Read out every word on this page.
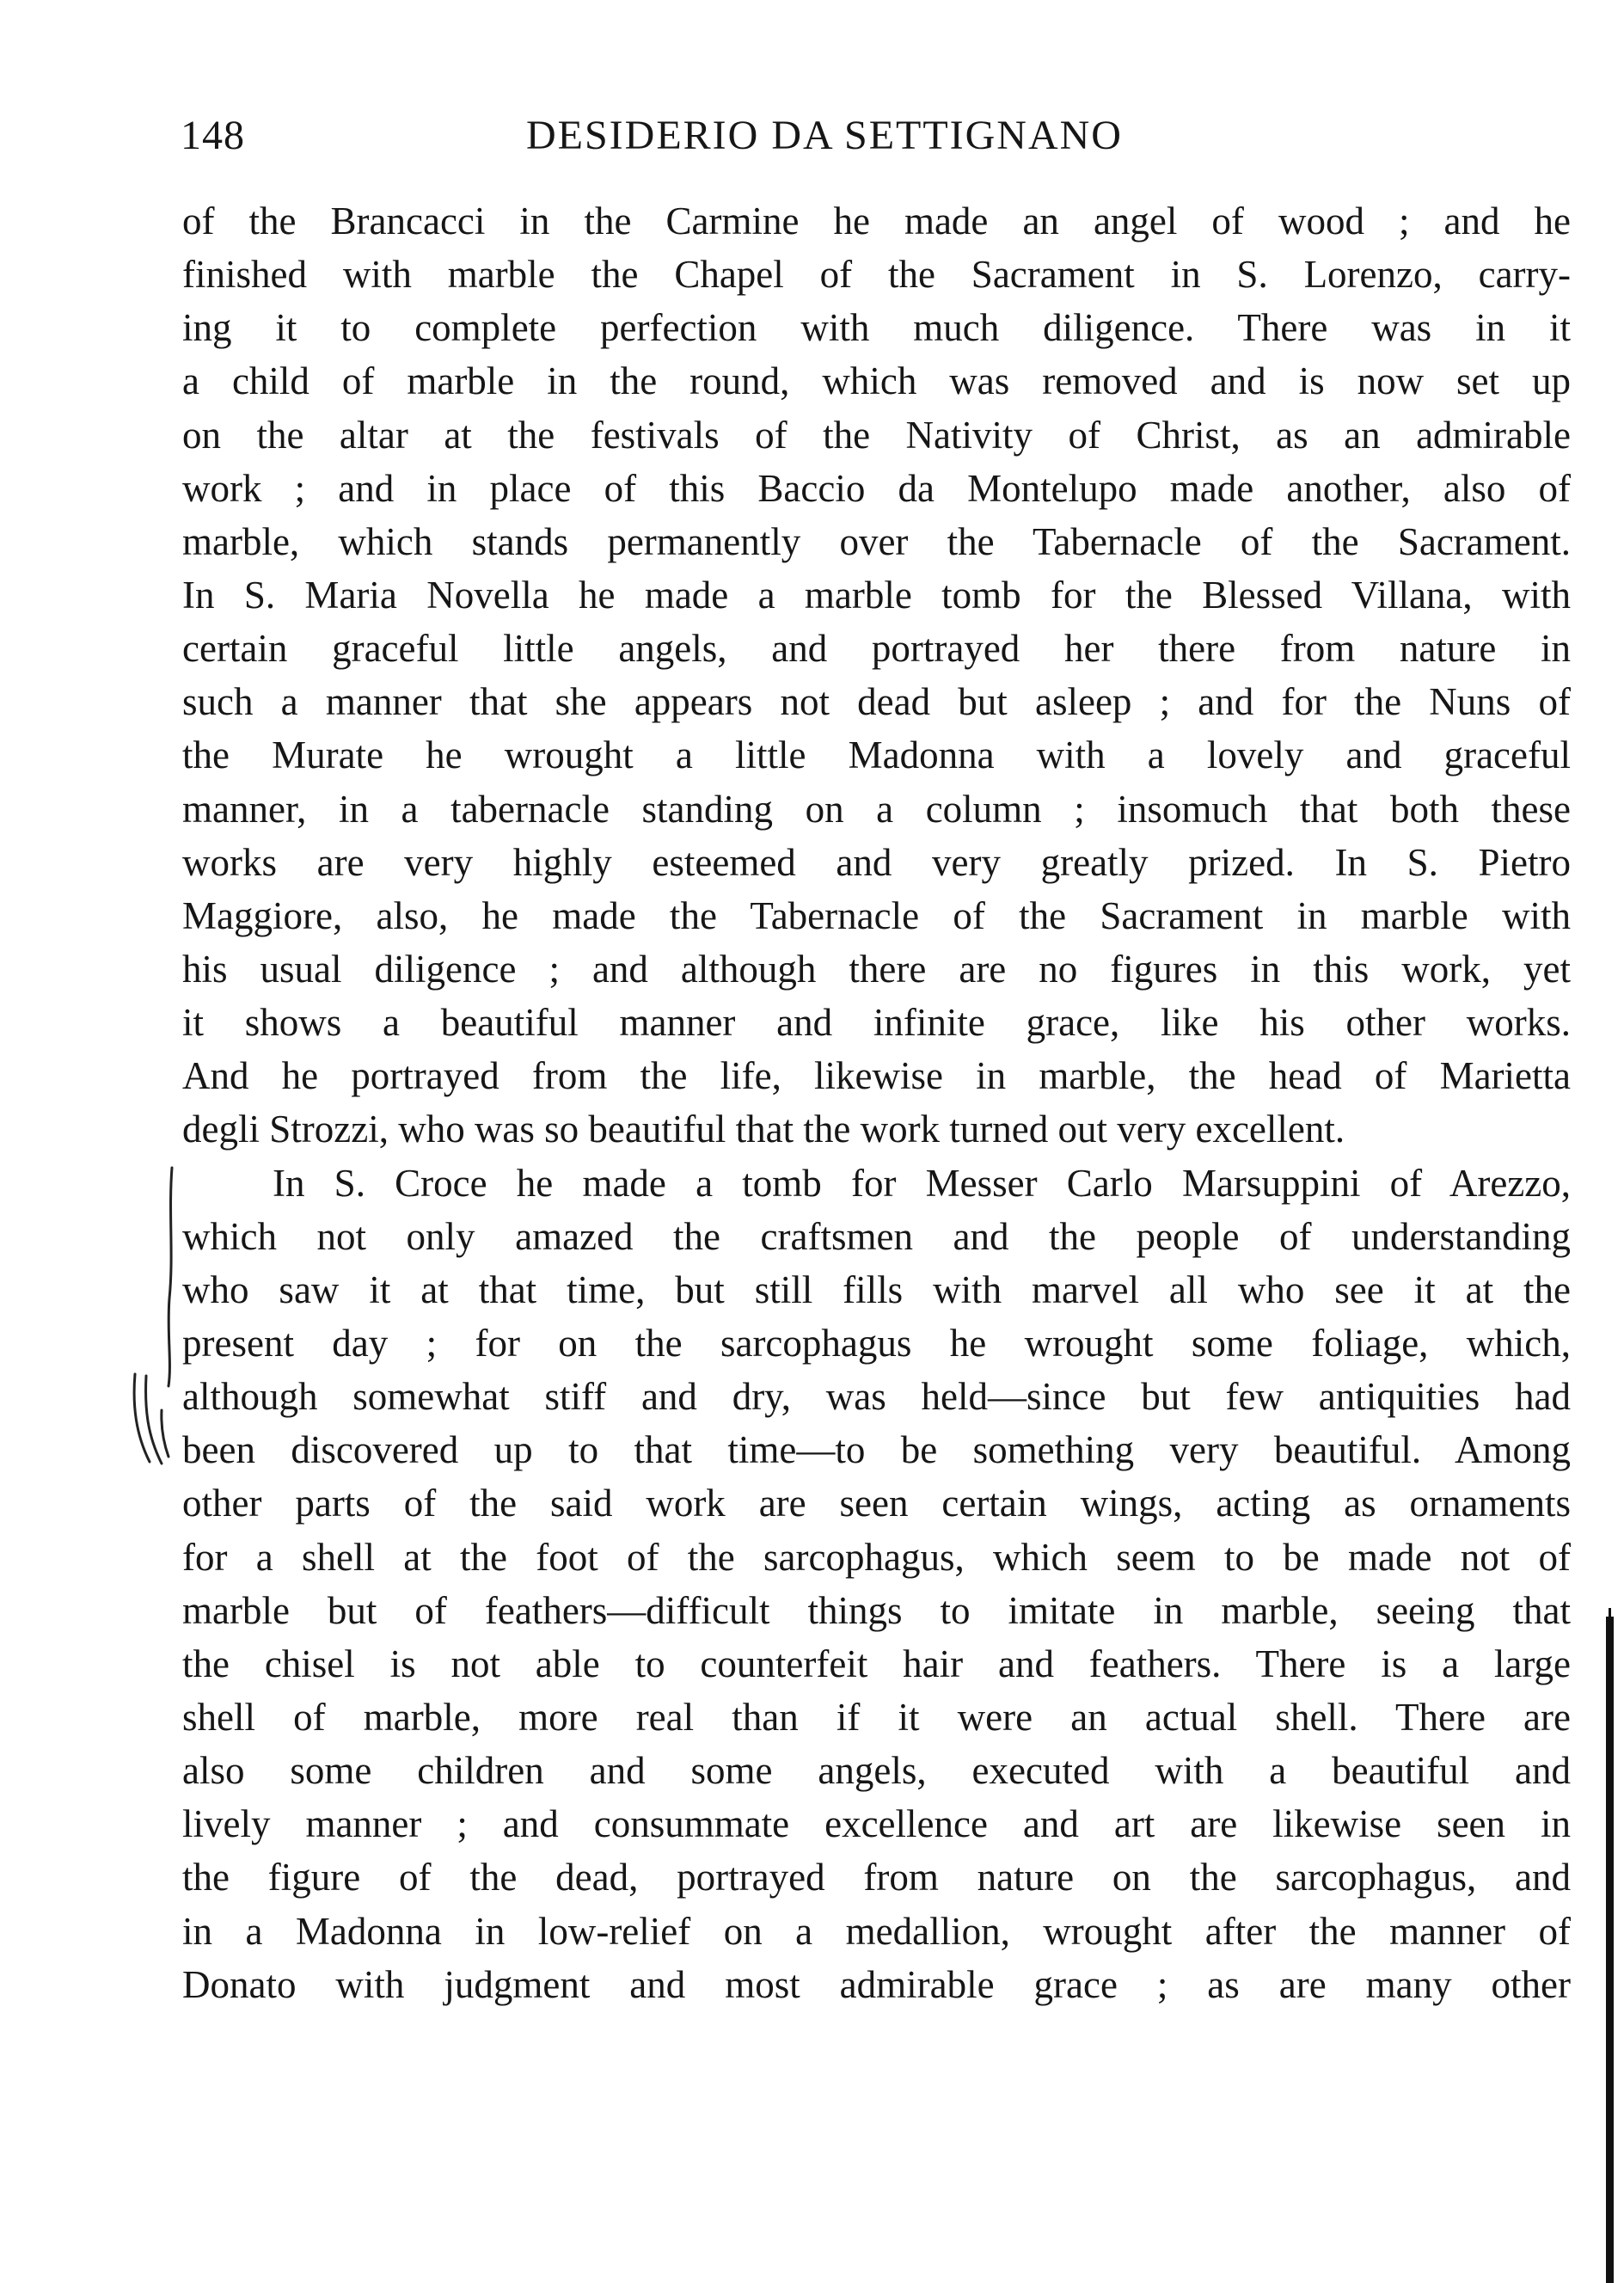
148	DESIDERIO DA SETTIGNANO
of the Brancacci in the Carmine he made an angel of wood ; and he
finished with marble the Chapel of the Sacrament in S. Lorenzo, carry-
ing it to complete perfection with much diligence. There was in it
a child of marble in the round, which was removed and is now set up
on the altar at the festivals of the Nativity of Christ, as an admirable
work ; and in place of this Baccio da Montelupo made another, also of
marble, which stands permanently over the Tabernacle of the Sacrament.
In S. Maria Novella he made a marble tomb for the Blessed Villana, with
certain graceful little angels, and portrayed her there from nature in
such a manner that she appears not dead but asleep ; and for the Nuns of
the Murate he wrought a little Madonna with a lovely and graceful
manner, in a tabernacle standing on a column ; insomuch that both these
works are very highly esteemed and very greatly prized. In S. Pietro
Maggiore, also, he made the Tabernacle of the Sacrament in marble with
his usual diligence ; and although there are no figures in this work, yet
it shows a beautiful manner and infinite grace, like his other works.
And he portrayed from the life, likewise in marble, the head of Marietta
degli Strozzi, who was so beautiful that the work turned out very excellent.
In S. Croce he made a tomb for Messer Carlo Marsuppini of Arezzo,
which not only amazed the craftsmen and the people of understanding
who saw it at that time, but still fills with marvel all who see it at the
present day ; for on the sarcophagus he wrought some foliage, which,
although somewhat stiff and dry, was held—since but few antiquities had
been discovered up to that time—to be something very beautiful. Among
other parts of the said work are seen certain wings, acting as ornaments
for a shell at the foot of the sarcophagus, which seem to be made not of
marble but of feathers—difficult things to imitate in marble, seeing that
the chisel is not able to counterfeit hair and feathers. There is a large
shell of marble, more real than if it were an actual shell. There are
also some children and some angels, executed with a beautiful and
lively manner ; and consummate excellence and art are likewise seen in
the figure of the dead, portrayed from nature on the sarcophagus, and
in a Madonna in low-relief on a medallion, wrought after the manner of
Donato with judgment and most admirable grace ; as are many other
